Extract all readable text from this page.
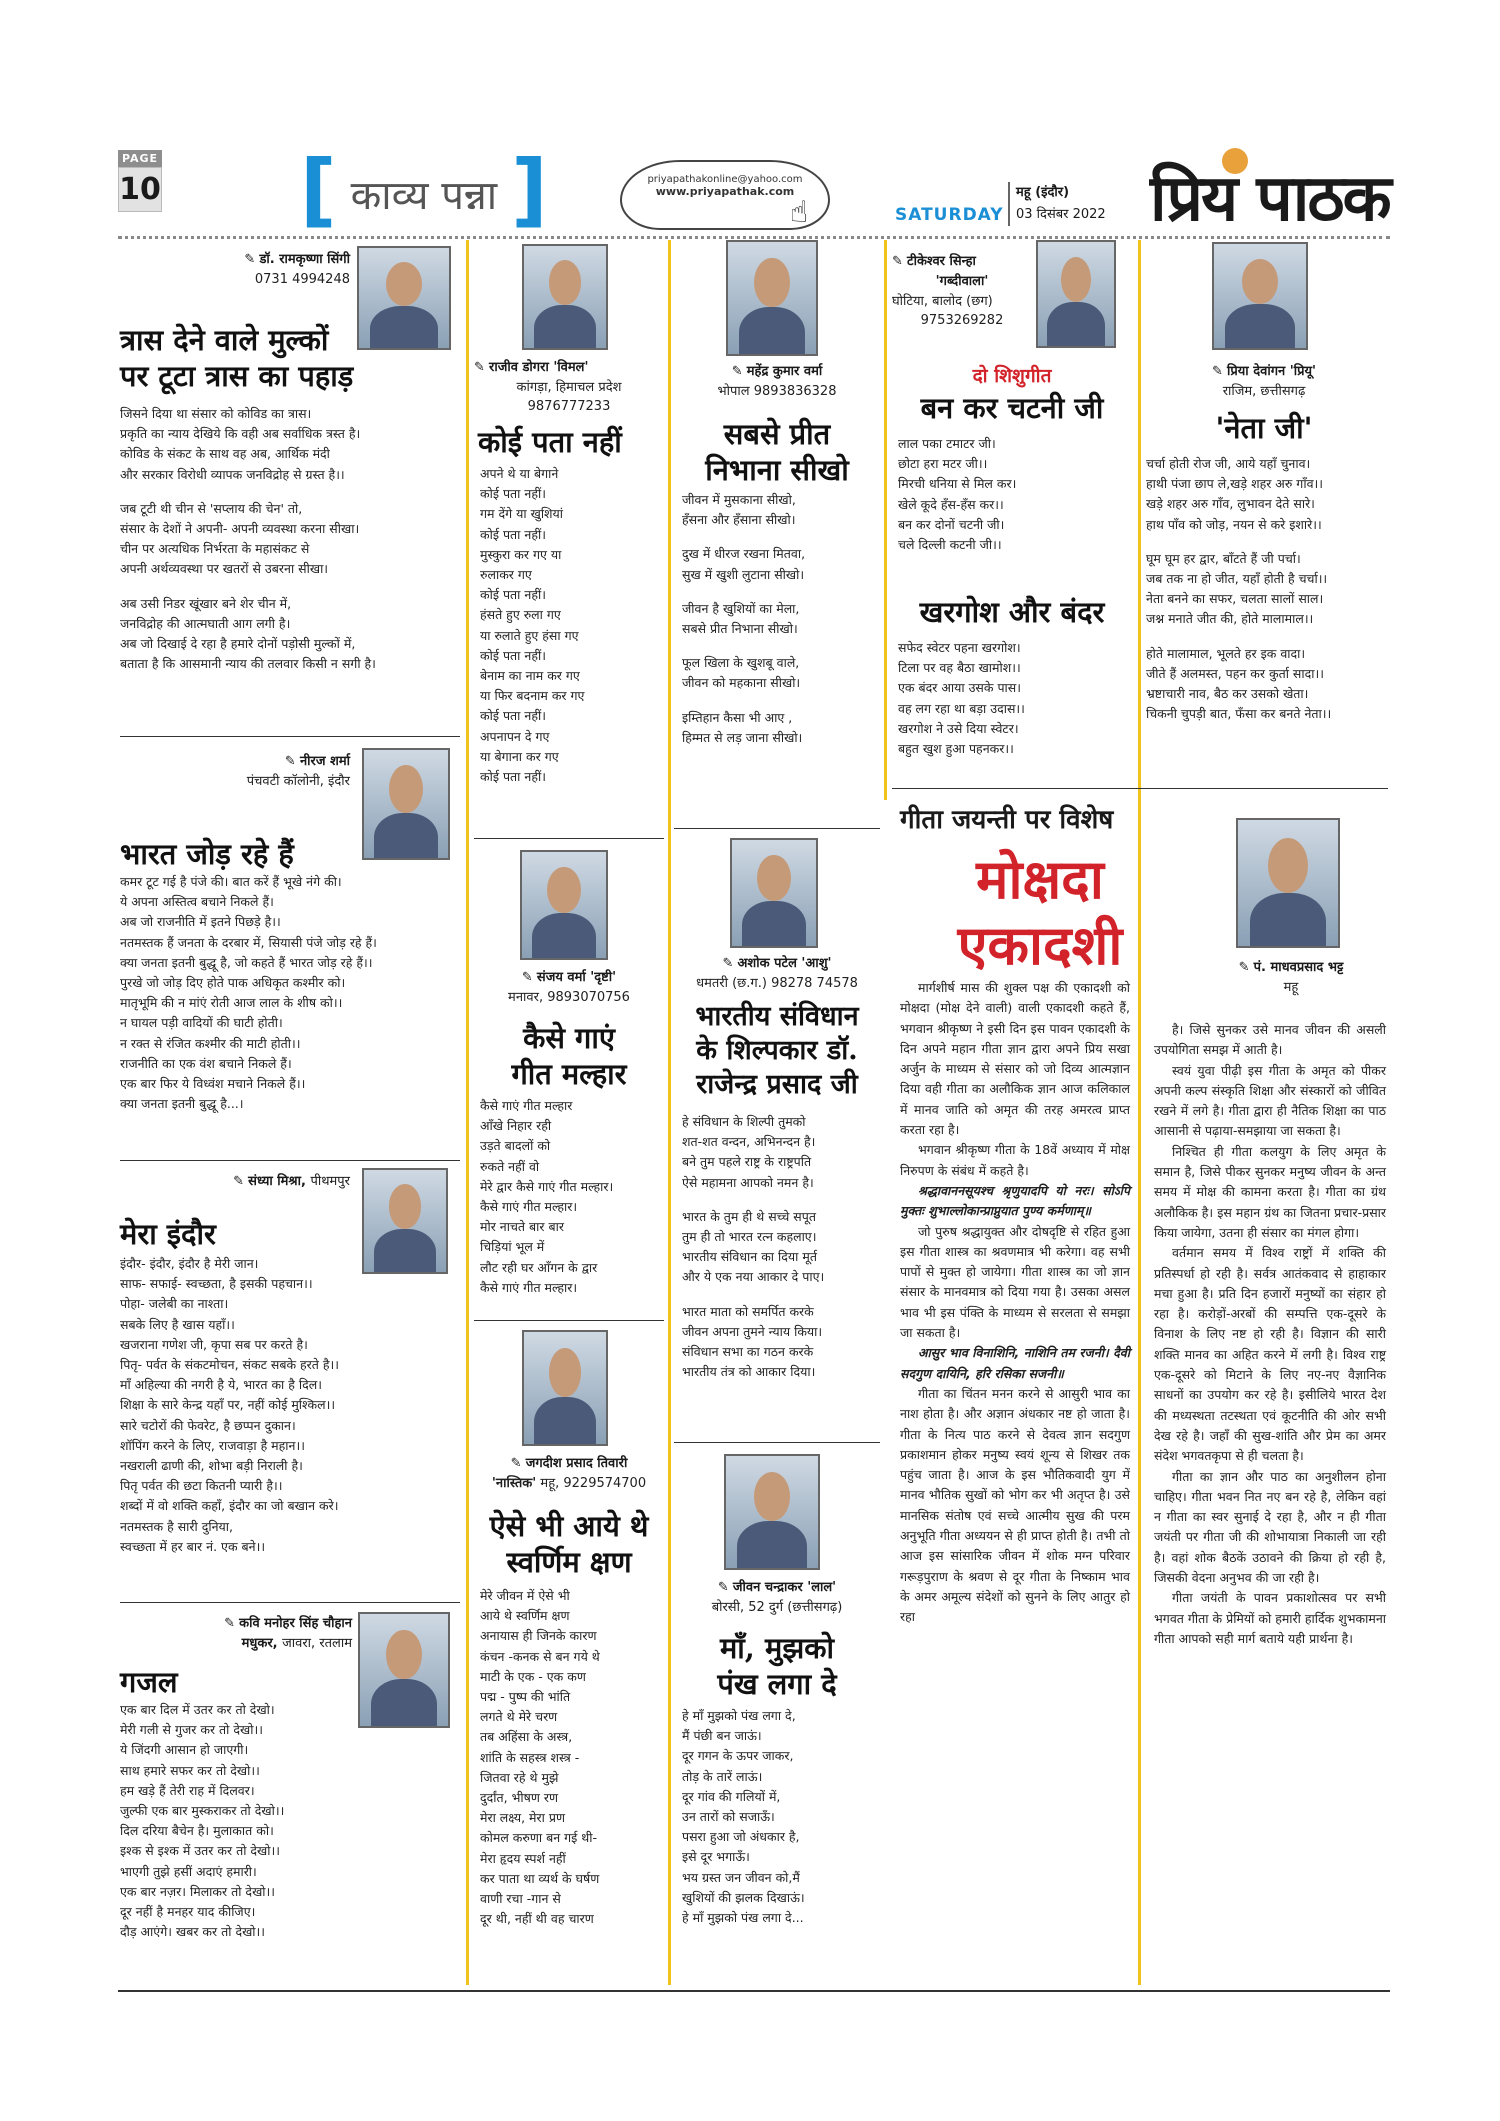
PAGE
10 [ काव्य पन्ना ]	priyapathakonline@yahoo.com
www.priyapathak.com
☝	SATURDAY
महू (इंदौर)
03 दिसंबर 2022 प्रिय पाठक
✎ डॉ. रामकृष्णा सिंगी
0731 4994248
त्रास देने वाले मुल्कों
पर टूटा त्रास का पहाड़
जिसने दिया था संसार को कोविड का त्रास।
प्रकृति का न्याय देखिये कि वही अब सर्वाधिक त्रस्त है।
कोविड के संकट के साथ वह अब, आर्थिक मंदी
और सरकार विरोधी व्यापक जनविद्रोह से ग्रस्त है।।
जब टूटी थी चीन से 'सप्लाय की चेन' तो,
संसार के देशों ने अपनी- अपनी व्यवस्था करना सीखा।
चीन पर अत्यधिक निर्भरता के महासंकट से
अपनी अर्थव्यवस्था पर खतरों से उबरना सीखा।
अब उसी निडर खूंखार बने शेर चीन में,
जनविद्रोह की आत्मघाती आग लगी है।
अब जो दिखाई दे रहा है हमारे दोनों पड़ोसी मुल्कों में,
बताता है कि आसमानी न्याय की तलवार किसी न सगी है।
✎ नीरज शर्मा
पंचवटी कॉलोनी, इंदौर
भारत जोड़ रहे हैं
कमर टूट गई है पंजे की। बात करें हैं भूखे नंगे की।
ये अपना अस्तित्व बचाने निकले हैं।
अब जो राजनीति में इतने पिछड़े है।।
नतमस्तक हैं जनता के दरबार में, सियासी पंजे जोड़ रहे हैं।
क्या जनता इतनी बुद्धू है, जो कहते हैं भारत जोड़ रहे हैं।।
पुरखे जो जोड़ दिए होते पाक अधिकृत कश्मीर को।
मातृभूमि की न मांएं रोती आज लाल के शीष को।।
न घायल पड़ी वादियों की घाटी होती।
न रक्त से रंजित कश्मीर की माटी होती।।
राजनीति का एक वंश बचाने निकले हैं।
एक बार फिर ये विध्वंश मचाने निकले हैं।।
क्या जनता इतनी बुद्धू है...।
✎ संध्या मिश्रा, पीथमपुर
मेरा इंदौर
इंदौर- इंदौर, इंदौर है मेरी जान।
साफ- सफाई- स्वच्छता, है इसकी पहचान।।
पोहा- जलेबी का नाश्ता।
सबके लिए है खास यहाँ।।
खजराना गणेश जी, कृपा सब पर करते है।
पितृ- पर्वत के संकटमोचन, संकट सबके हरते है।।
माँ अहिल्या की नगरी है ये, भारत का है दिल।
शिक्षा के सारे केन्द्र यहाँ पर, नहीं कोई मुश्किल।।
सारे चटोरों की फेवरेट, है छप्पन दुकान।
शॉपिंग करने के लिए, राजवाड़ा है महान।।
नखराली ढाणी की, शोभा बड़ी निराली है।
पितृ पर्वत की छटा कितनी प्यारी है।।
शब्दों में वो शक्ति कहाँ, इंदौर का जो बखान करे।
नतमस्तक है सारी दुनिया,
स्वच्छता में हर बार नं. एक बने।।
✎ कवि मनोहर सिंह चौहान
मधुकर, जावरा, रतलाम
गजल
एक बार दिल में उतर कर तो देखो।
मेरी गली से गुजर कर तो देखो।।
ये जिंदगी आसान हो जाएगी।
साथ हमारे सफर कर तो देखो।।
हम खड़े हैं तेरी राह में दिलवर।
जुल्फी एक बार मुस्कराकर तो देखो।।
दिल दरिया बैचेन है। मुलाकात को।
इश्क से इश्क में उतर कर तो देखो।।
भाएगी तुझे हसीं अदाएं हमारी।
एक बार नज़र। मिलाकर तो देखो।।
दूर नहीं है मनहर याद कीजिए।
दौड़ आएंगे। खबर कर तो देखो।।
✎ राजीव डोगरा 'विमल'
कांगड़ा, हिमाचल प्रदेश
9876777233
कोई पता नहीं
अपने थे या बेगाने
कोई पता नहीं।
गम देंगे या खुशियां
कोई पता नहीं।
मुस्कुरा कर गए या
रुलाकर गए
कोई पता नहीं।
हंसते हुए रुला गए
या रुलाते हुए हंसा गए
कोई पता नहीं।
बेनाम का नाम कर गए
या फिर बदनाम कर गए
कोई पता नहीं।
अपनापन दे गए
या बेगाना कर गए
कोई पता नहीं।
✎ संजय वर्मा 'दृष्टी'
मनावर, 9893070756
कैसे गाएं
गीत मल्हार
कैसे गाएं गीत मल्हार
आँखे निहार रही
उड़ते बादलों को
रुकते नहीं वो
मेरे द्वार कैसे गाएं गीत मल्हार।
कैसे गाएं गीत मल्हार।
मोर नाचते बार बार
चिड़ियां भूल में
लौट रही घर आँगन के द्वार
कैसे गाएं गीत मल्हार।
✎ जगदीश प्रसाद तिवारी
'नास्तिक' महू, 9229574700
ऐसे भी आये थे
स्वर्णिम क्षण
मेरे जीवन में ऐसे भी
आये थे स्वर्णिम क्षण
अनायास ही जिनके कारण
कंचन -कनक से बन गये थे
माटी के एक - एक कण
पद्म - पुष्प की भांति
लगते थे मेरे चरण
तब अहिंसा के अस्त्र,
शांति के सहस्त्र शस्त्र -
जितवा रहे थे मुझे
दुर्दांत, भीषण रण
मेरा लक्ष्य, मेरा प्रण
कोमल करुणा बन गई थी-
मेरा हृदय स्पर्श नहीं
कर पाता था व्यर्थ के घर्षण
वाणी रचा -गान से
दूर थी, नहीं थी वह चारण
✎ महेंद्र कुमार वर्मा
भोपाल 9893836328
सबसे प्रीत
निभाना सीखो
जीवन में मुसकाना सीखो,
हँसना और हँसाना सीखो।
दुख में धीरज रखना मितवा,
सुख में खुशी लुटाना सीखो।
जीवन है खुशियों का मेला,
सबसे प्रीत निभाना सीखो।
फूल खिला के खुशबू वाले,
जीवन को महकाना सीखो।
इम्तिहान कैसा भी आए ,
हिम्मत से लड़ जाना सीखो।
✎ अशोक पटेल 'आशु'
धमतरी (छ.ग.) 98278 74578
भारतीय संविधान
के शिल्पकार डॉ.
राजेन्द्र प्रसाद जी
हे संविधान के शिल्पी तुमको
शत-शत वन्दन, अभिनन्दन है।
बने तुम पहले राष्ट्र के राष्ट्रपति
ऐसे महामना आपको नमन है।
भारत के तुम ही थे सच्चे सपूत
तुम ही तो भारत रत्न कहलाए।
भारतीय संविधान का दिया मूर्त
और ये एक नया आकार दे पाए।
भारत माता को समर्पित करके
जीवन अपना तुमने न्याय किया।
संविधान सभा का गठन करके
भारतीय तंत्र को आकार दिया।
✎ जीवन चन्द्राकर 'लाल'
बोरसी, 52 दुर्ग (छत्तीसगढ़)
माँ, मुझको
पंख लगा दे
हे माँ मुझको पंख लगा दे,
मैं पंछी बन जाऊं।
दूर गगन के ऊपर जाकर,
तोड़ के तारें लाऊं।
दूर गांव की गलियों में,
उन तारों को सजाऊँ।
पसरा हुआ जो अंधकार है,
इसे दूर भगाऊँ।
भय ग्रस्त जन जीवन को,मैं
खुशियों की झलक दिखाऊं।
हे माँ मुझको पंख लगा दे...
✎ टीकेश्वर सिन्हा
'गब्दीवाला'
घोटिया, बालोद (छग)
9753269282
दो शिशुगीत
बन कर चटनी जी
लाल पका टमाटर जी।
छोटा हरा मटर जी।।
मिरची धनिया से मिल कर।
खेले कूदे हँस-हँस कर।।
बन कर दोनों चटनी जी।
चले दिल्ली कटनी जी।।
खरगोश और बंदर
सफेद स्वेटर पहना खरगोश।
टिला पर वह बैठा खामोश।।
एक बंदर आया उसके पास।
वह लग रहा था बड़ा उदास।।
खरगोश ने उसे दिया स्वेटर।
बहुत खुश हुआ पहनकर।।
✎ प्रिया देवांगन 'प्रियू'
राजिम, छत्तीसगढ़
'नेता जी'
चर्चा होती रोज जी, आये यहाँ चुनाव।
हाथी पंजा छाप ले,खड़े शहर अरु गाँव।।
खड़े शहर अरु गाँव, लुभावन देते सारे।
हाथ पाँव को जोड़, नयन से करे इशारे।।
घूम घूम हर द्वार, बाँटते हैं जी पर्चा।
जब तक ना हो जीत, यहाँ होती है चर्चा।।
नेता बनने का सफर, चलता सालों साल।
जश्न मनाते जीत की, होते मालामाल।।
होते मालामाल, भूलते हर इक वादा।
जीते हैं अलमस्त, पहन कर कुर्ता सादा।।
भ्रष्टाचारी नाव, बैठ कर उसको खेता।
चिकनी चुपड़ी बात, फँसा कर बनते नेता।।
गीता जयन्ती पर विशेष
मोक्षदा
एकादशी	✎ पं. माधवप्रसाद भट्ट
महू

मार्गशीर्ष मास की शुक्ल पक्ष की एकादशी को मोक्षदा (मोक्ष देने वाली) वाली एकादशी कहते हैं, भगवान श्रीकृष्ण ने इसी दिन इस पावन एकादशी के दिन अपने महान गीता ज्ञान द्वारा अपने प्रिय सखा अर्जुन के माध्यम से संसार को जो दिव्य आत्मज्ञान दिया वही गीता का अलौकिक ज्ञान आज कलिकाल में मानव जाति को अमृत की तरह अमरत्व प्राप्त करता रहा है।

भगवान श्रीकृष्ण गीता के 18वें अध्याय में मोक्ष निरुपण के संबंध में कहते है।

श्रद्धावाननसूयश्च श्रृणुयादपि यो नरः। सोऽपि मुक्तः शुभाल्लोकान्प्राप्नुयात पुण्य कर्मणाम्॥

जो पुरुष श्रद्धायुक्त और दोषदृष्टि से रहित हुआ इस गीता शास्त्र का श्रवणमात्र भी करेगा। वह सभी पापों से मुक्त हो जायेगा। गीता शास्त्र का जो ज्ञान संसार के मानवमात्र को दिया गया है। उसका असल भाव भी इस पंक्ति के माध्यम से सरलता से समझा जा सकता है।

आसुर भाव विनाशिनि, नाशिनि तम रजनी। दैवी सदगुण दायिनि, हरि रसिका सजनी॥

गीता का चिंतन मनन करने से आसुरी भाव का नाश होता है। और अज्ञान अंधकार नष्ट हो जाता है। गीता के नित्य पाठ करने से देवत्व ज्ञान सदगुण प्रकाशमान होकर मनुष्य स्वयं शून्य से शिखर तक पहुंच जाता है। आज के इस भौतिकवादी युग में मानव भौतिक सुखों को भोग कर भी अतृप्त है। उसे मानसिक संतोष एवं सच्चे आत्मीय सुख की परम अनुभूति गीता अध्ययन से ही प्राप्त होती है। तभी तो आज इस सांसारिक जीवन में शोक मग्न परिवार गरूड़पुराण के श्रवण से दूर गीता के निष्काम भाव के अमर अमूल्य संदेशों को सुनने के लिए आतुर हो रहा

है। जिसे सुनकर उसे मानव जीवन की असली उपयोगिता समझ में आती है।

स्वयं युवा पीढ़ी इस गीता के अमृत को पीकर अपनी कल्प संस्कृति शिक्षा और संस्कारों को जीवित रखने में लगे है। गीता द्वारा ही नैतिक शिक्षा का पाठ आसानी से पढ़ाया-समझाया जा सकता है।

निश्चित ही गीता कलयुग के लिए अमृत के समान है, जिसे पीकर सुनकर मनुष्य जीवन के अन्त समय में मोक्ष की कामना करता है। गीता का ग्रंथ अलौकिक है। इस महान ग्रंथ का जितना प्रचार-प्रसार किया जायेगा, उतना ही संसार का मंगल होगा।

वर्तमान समय में विश्व राष्ट्रों में शक्ति की प्रतिस्पर्धा हो रही है। सर्वत्र आतंकवाद से हाहाकार मचा हुआ है। प्रति दिन हजारों मनुष्यों का संहार हो रहा है। करोड़ों-अरबों की सम्पत्ति एक-दूसरे के विनाश के लिए नष्ट हो रही है। विज्ञान की सारी शक्ति मानव का अहित करने में लगी है। विश्व राष्ट्र एक-दूसरे को मिटाने के लिए नए-नए वैज्ञानिक साधनों का उपयोग कर रहे है। इसीलिये भारत देश की मध्यस्थता तटस्थता एवं कूटनीति की ओर सभी देख रहे है। जहाँ की सुख-शांति और प्रेम का अमर संदेश भगवतकृपा से ही चलता है।

गीता का ज्ञान और पाठ का अनुशीलन होना चाहिए। गीता भवन नित नए बन रहे है, लेकिन वहां न गीता का स्वर सुनाई दे रहा है, और न ही गीता जयंती पर गीता जी की शोभायात्रा निकाली जा रही है। वहां शोक बैठकें उठावने की क्रिया हो रही है, जिसकी वेदना अनुभव की जा रही है।

गीता जयंती के पावन प्रकाशोत्सव पर सभी भगवत गीता के प्रेमियों को हमारी हार्दिक शुभकामना गीता आपको सही मार्ग बताये यही प्रार्थना है।
